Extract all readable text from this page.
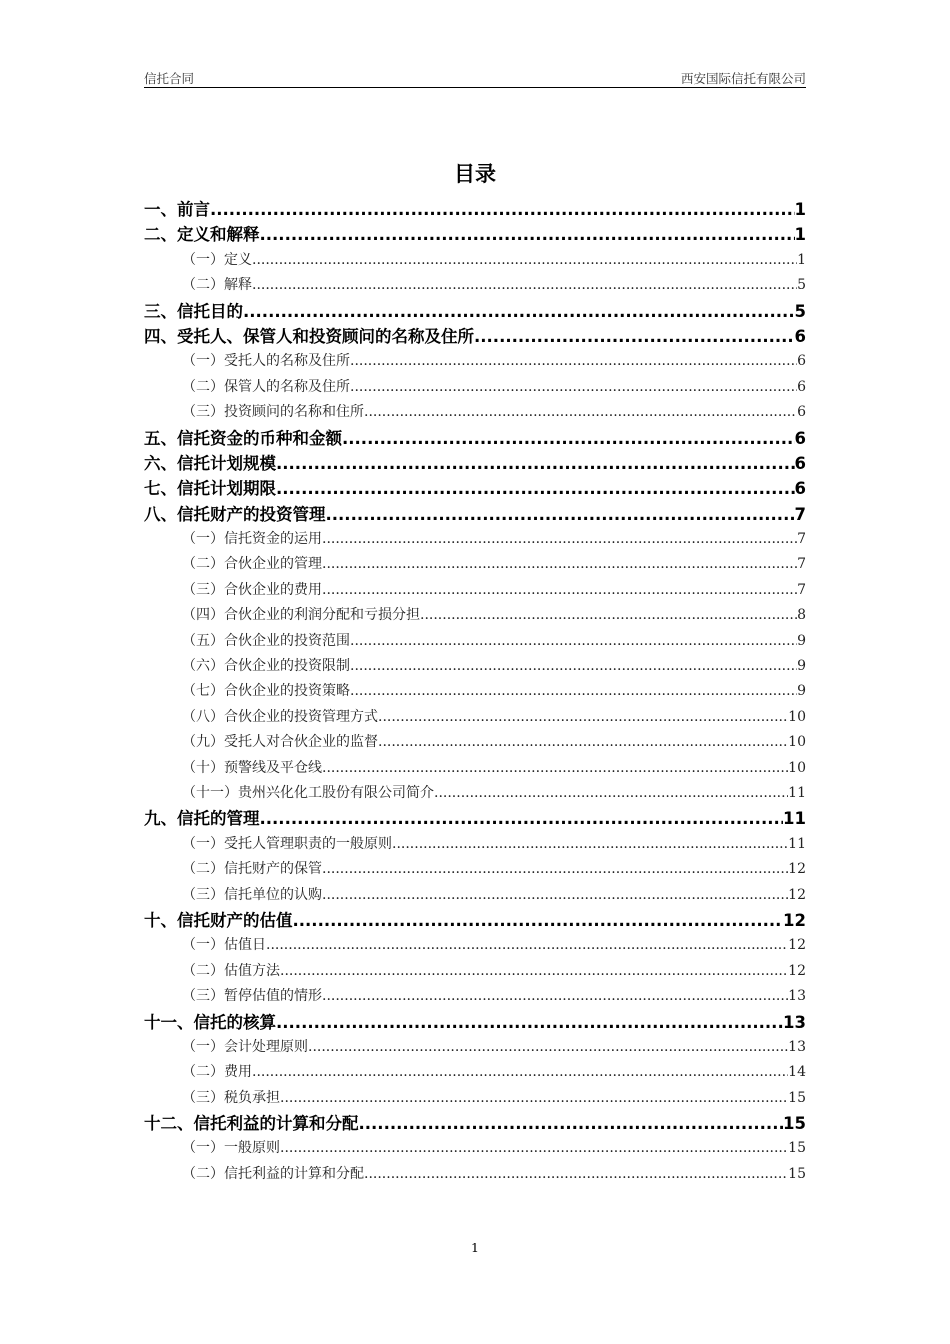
信托合同	西安国际信托有限公司
目录
一、前言 .....	1
二、定义和解释 .....	1
（一）定义 .....	1
（二）解释 .....	5
三、信托目的 .....	5
四、受托人、保管人和投资顾问的名称及住所 .....	6
（一）受托人的名称及住所 .....	6
（二）保管人的名称及住所 .....	6
（三）投资顾问的名称和住所 .....	6
五、信托资金的币种和金额 .....	6
六、信托计划规模 .....	6
七、信托计划期限 .....	6
八、信托财产的投资管理 .....	7
（一）信托资金的运用 .....	7
（二）合伙企业的管理 .....	7
（三）合伙企业的费用 .....	7
（四）合伙企业的利润分配和亏损分担 .....	8
（五）合伙企业的投资范围 .....	9
（六）合伙企业的投资限制 .....	9
（七）合伙企业的投资策略 .....	9
（八）合伙企业的投资管理方式 .....	10
（九）受托人对合伙企业的监督 .....	10
（十）预警线及平仓线 .....	10
（十一）贵州兴化化工股份有限公司简介 .....	11
九、信托的管理 .....	11
（一）受托人管理职责的一般原则 .....	11
（二）信托财产的保管 .....	12
（三）信托单位的认购 .....	12
十、信托财产的估值 .....	12
（一）估值日 .....	12
（二）估值方法 .....	12
（三）暂停估值的情形 .....	13
十一、信托的核算 .....	13
（一）会计处理原则 .....	13
（二）费用 .....	14
（三）税负承担 .....	15
十二、信托利益的计算和分配 .....	15
（一）一般原则 .....	15
（二）信托利益的计算和分配 .....	15
1
